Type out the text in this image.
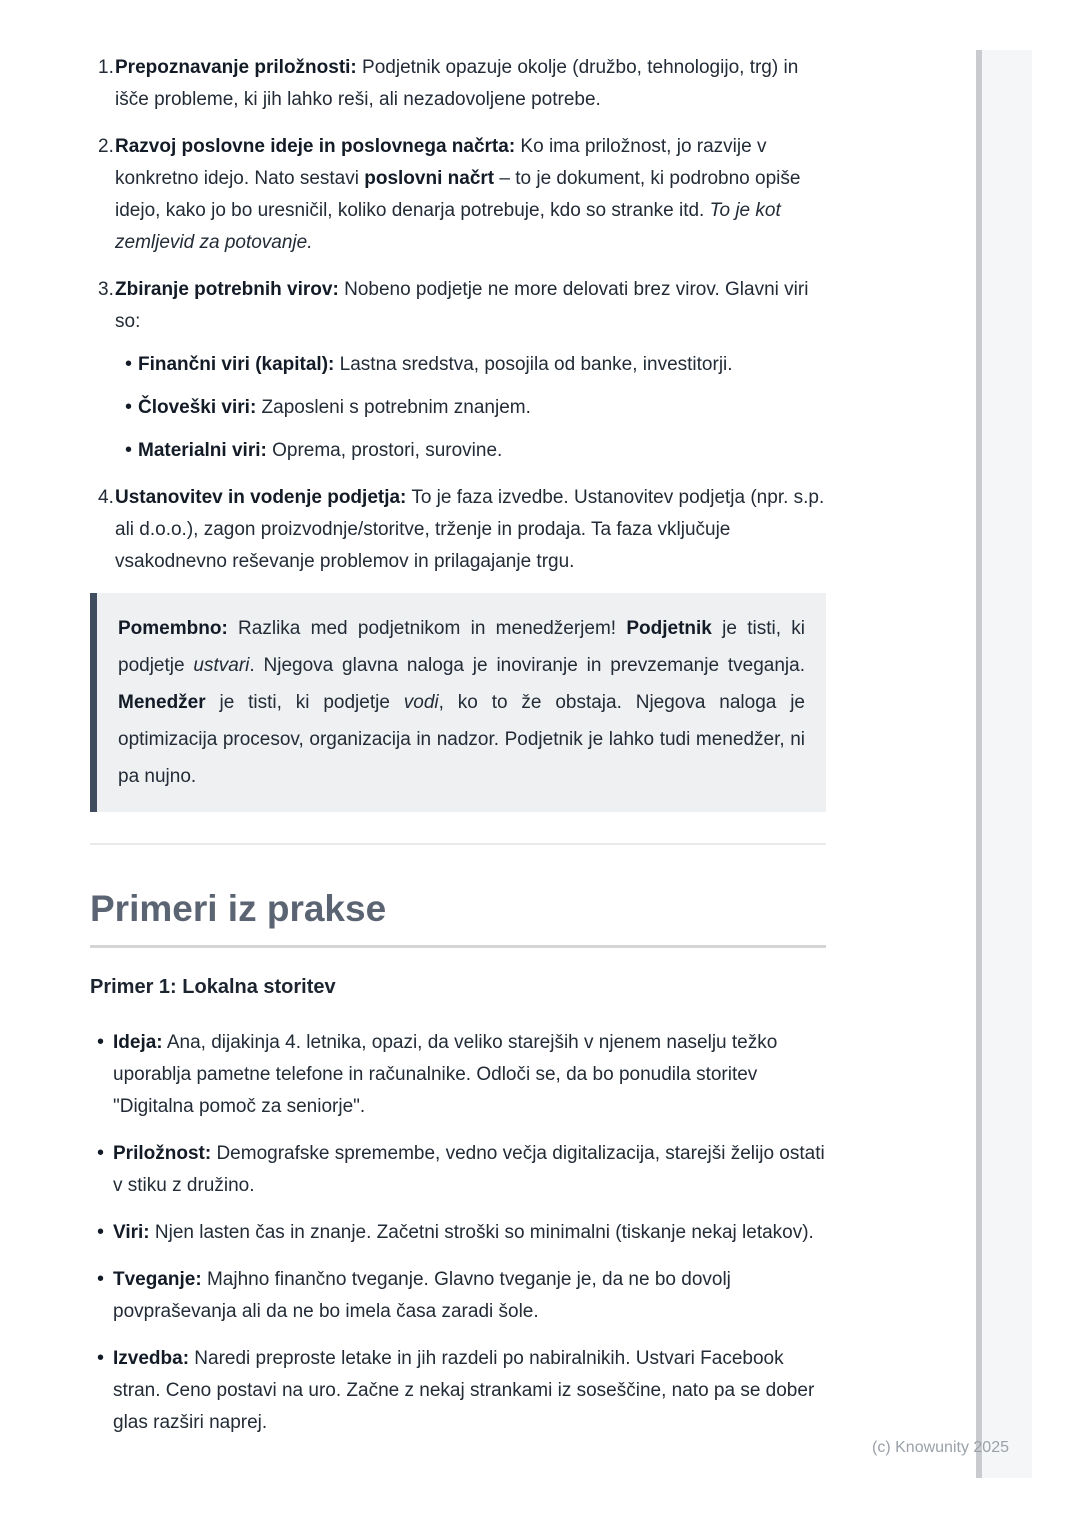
1. Prepoznavanje priložnosti: Podjetnik opazuje okolje (družbo, tehnologijo, trg) in išče probleme, ki jih lahko reši, ali nezadovoljene potrebe.
2. Razvoj poslovne ideje in poslovnega načrta: Ko ima priložnost, jo razvije v konkretno idejo. Nato sestavi poslovni načrt – to je dokument, ki podrobno opiše idejo, kako jo bo uresničil, koliko denarja potrebuje, kdo so stranke itd. To je kot zemljevid za potovanje.
3. Zbiranje potrebnih virov: Nobeno podjetje ne more delovati brez virov. Glavni viri so:
• Finančni viri (kapital): Lastna sredstva, posojila od banke, investitorji.
• Človeški viri: Zaposleni s potrebnim znanjem.
• Materialni viri: Oprema, prostori, surovine.
4. Ustanovitev in vodenje podjetja: To je faza izvedbe. Ustanovitev podjetja (npr. s.p. ali d.o.o.), zagon proizvodnje/storitve, trženje in prodaja. Ta faza vključuje vsakodnevno reševanje problemov in prilagajanje trgu.
Pomembno: Razlika med podjetnikom in menedžerjem! Podjetnik je tisti, ki podjetje ustvari. Njegova glavna naloga je inoviranje in prevzemanje tveganja. Menedžer je tisti, ki podjetje vodi, ko to že obstaja. Njegova naloga je optimizacija procesov, organizacija in nadzor. Podjetnik je lahko tudi menedžer, ni pa nujno.
Primeri iz prakse
Primer 1: Lokalna storitev
• Ideja: Ana, dijakinja 4. letnika, opazi, da veliko starejših v njenem naselju težko uporablja pametne telefone in računalnike. Odloči se, da bo ponudila storitev "Digitalna pomoč za seniorje".
• Priložnost: Demografske spremembe, vedno večja digitalizacija, starejši želijo ostati v stiku z družino.
• Viri: Njen lasten čas in znanje. Začetni stroški so minimalni (tiskanje nekaj letakov).
• Tveganje: Majhno finančno tveganje. Glavno tveganje je, da ne bo dovolj povpraševanja ali da ne bo imela časa zaradi šole.
• Izvedba: Naredi preproste letake in jih razdeli po nabiralnikih. Ustvari Facebook stran. Ceno postavi na uro. Začne z nekaj strankami iz soseščine, nato pa se dober glas razširi naprej.
(c) Knowunity 2025
